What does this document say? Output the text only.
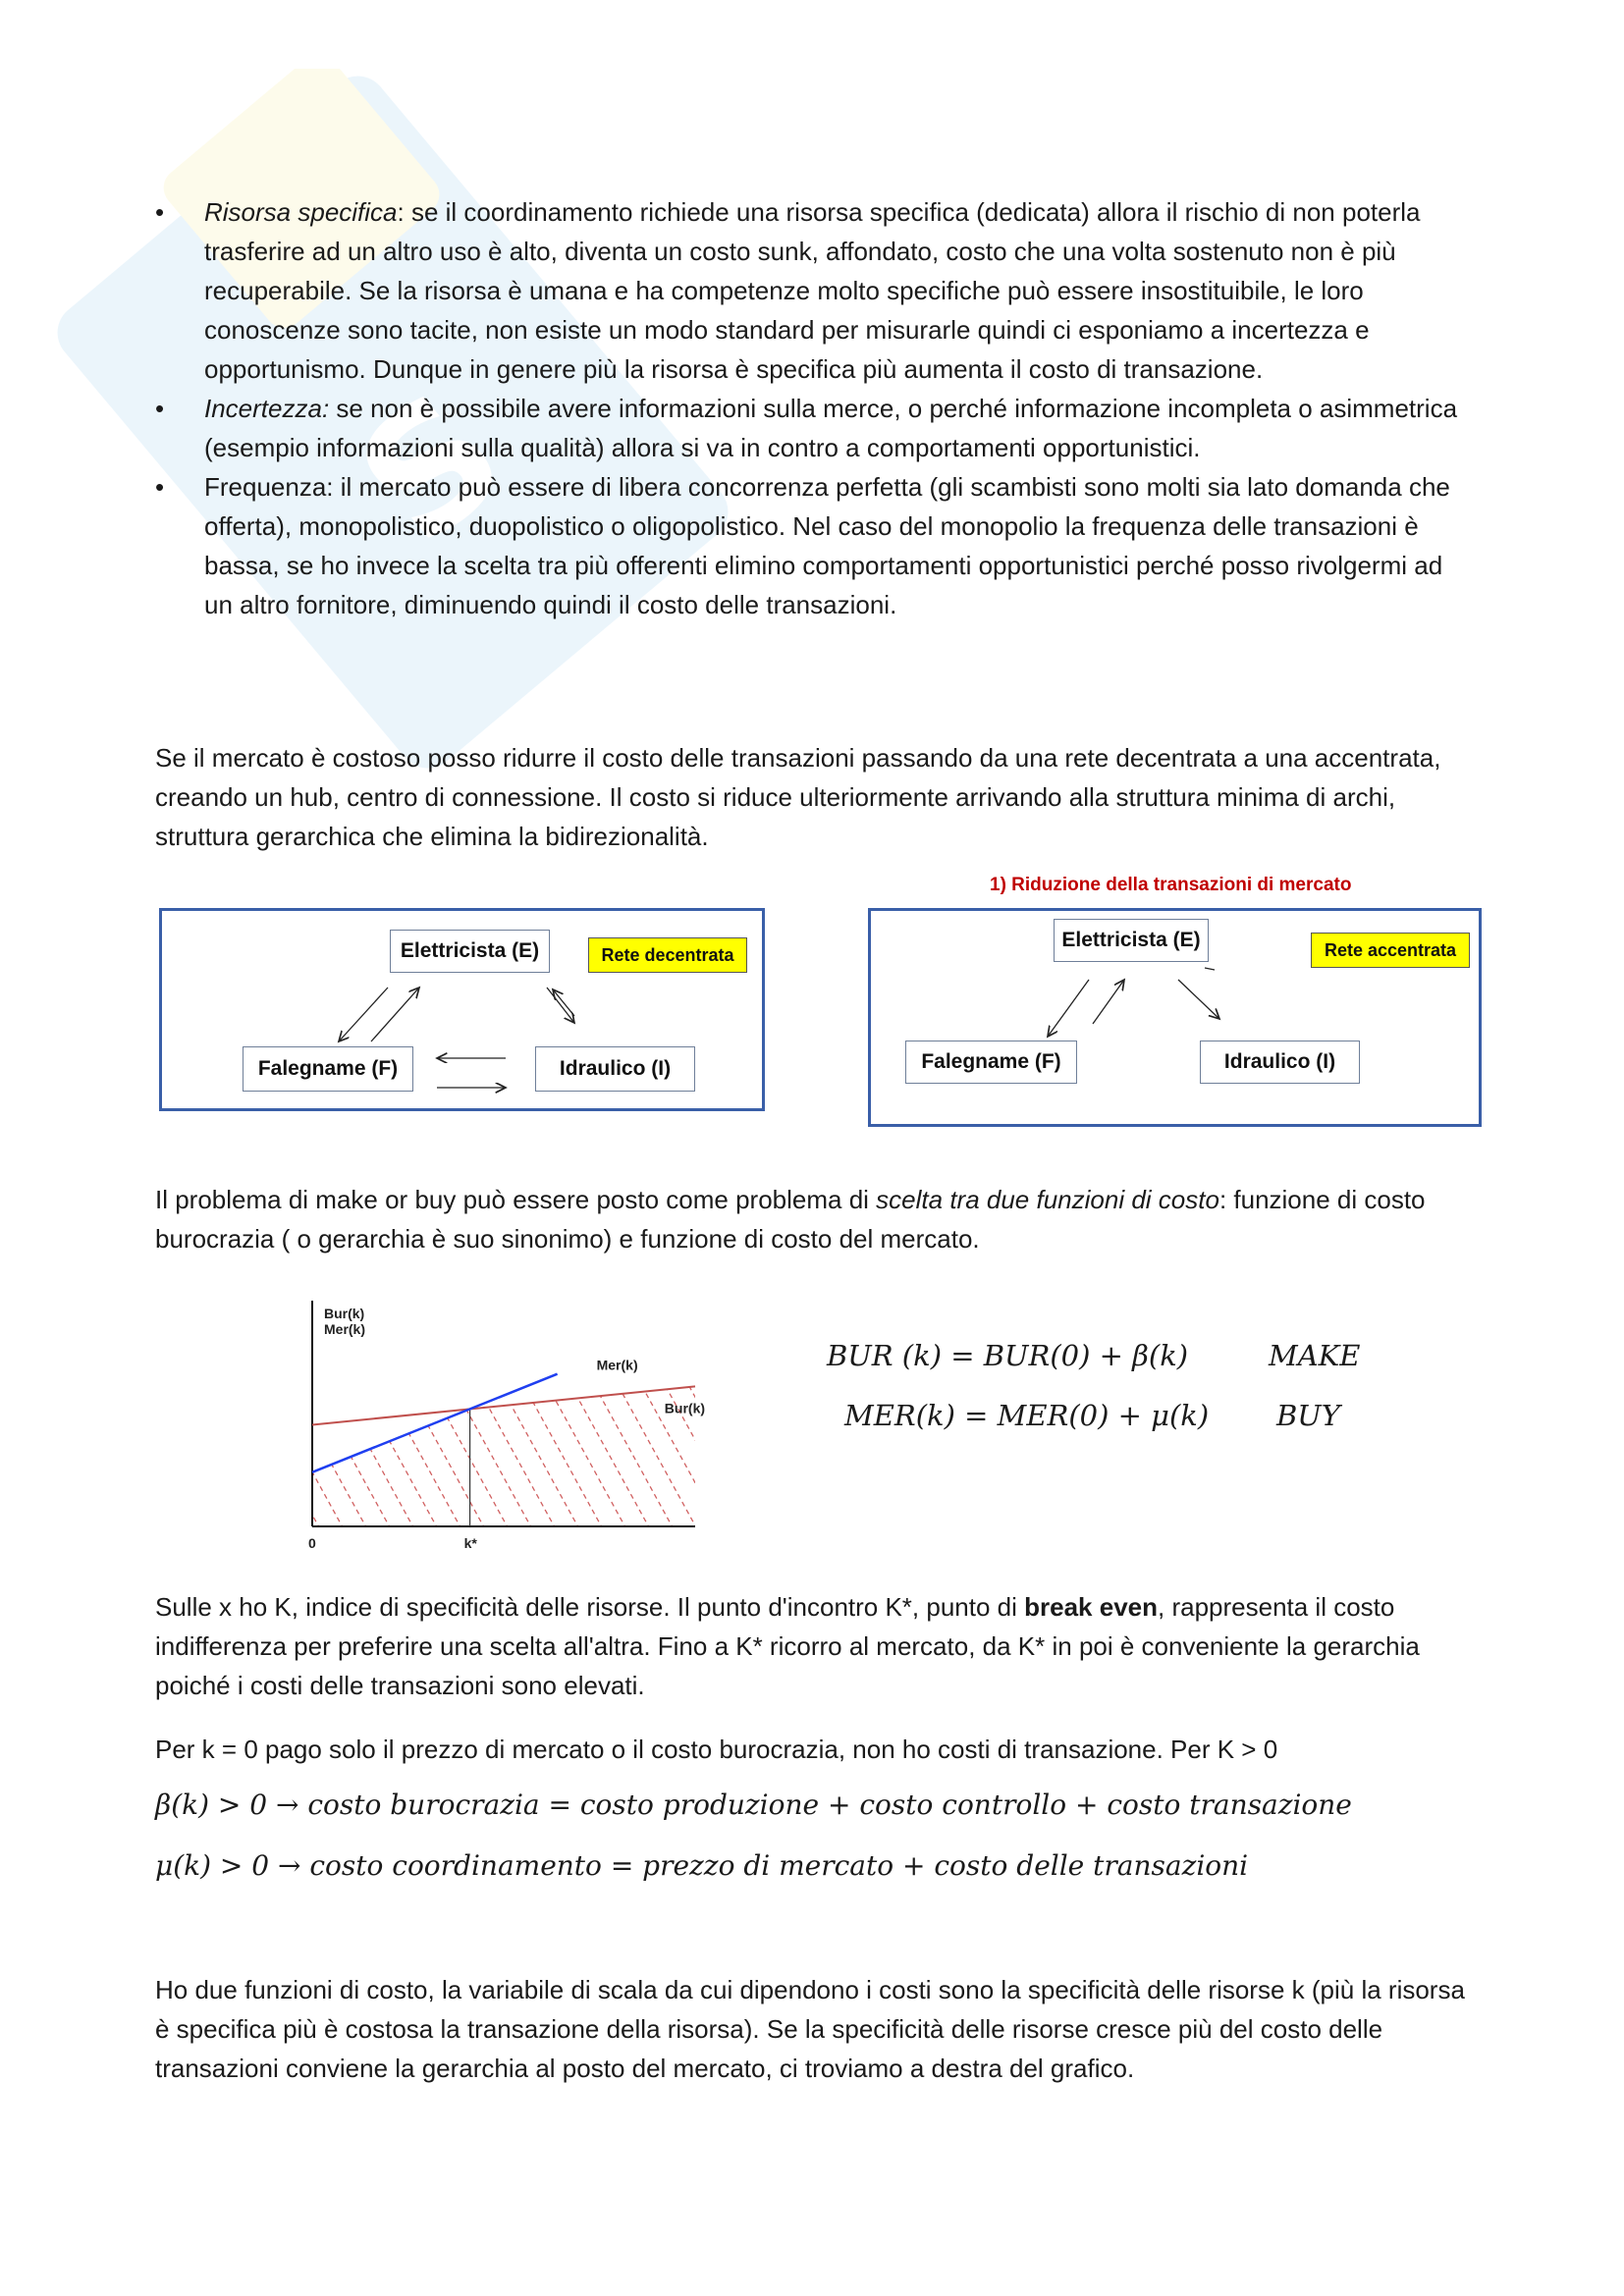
S
• Risorsa specifica: se il coordinamento richiede una risorsa specifica (dedicata) allora il rischio di non poterla trasferire ad un altro uso è alto, diventa un costo sunk, affondato, costo che una volta sostenuto non è più recuperabile. Se la risorsa è umana e ha competenze molto specifiche può essere insostituibile, le loro conoscenze sono tacite, non esiste un modo standard per misurarle quindi ci esponiamo a incertezza e opportunismo. Dunque in genere più la risorsa è specifica più aumenta il costo di transazione.
• Incertezza: se non è possibile avere informazioni sulla merce, o perché informazione incompleta o asimmetrica (esempio informazioni sulla qualità) allora si va in contro a comportamenti opportunistici.
• Frequenza: il mercato può essere di libera concorrenza perfetta (gli scambisti sono molti sia lato domanda che offerta), monopolistico, duopolistico o oligopolistico. Nel caso del monopolio la frequenza delle transazioni è bassa, se ho invece la scelta tra più offerenti elimino comportamenti opportunistici perché posso rivolgermi ad un altro fornitore, diminuendo quindi il costo delle transazioni.

Se il mercato è costoso posso ridurre il costo delle transazioni passando da una rete decentrata a una accentrata, creando un hub, centro di connessione. Il costo si riduce ulteriormente arrivando alla struttura minima di archi, struttura gerarchica che elimina la bidirezionalità.

Elettricista (E)	Rete decentrata
Falegname (F)	Idraulico (I)
1) Riduzione della transazioni di mercato
Elettricista (E)	Rete accentrata
Falegname (F)	Idraulico (I)

Il problema di make or buy può essere posto come problema di scelta tra due funzioni di costo: funzione di costo burocrazia ( o gerarchia è suo sinonimo) e funzione di costo del mercato.

Bur(k)
Mer(k)
Mer(k)
Bur(k)
0	k*
BUR (k) = BUR(0) + β(k)	MAKE
MER(k) = MER(0) + μ(k) BUY

Sulle x ho K, indice di specificità delle risorse. Il punto d'incontro K*, punto di break even, rappresenta il costo indifferenza per preferire una scelta all'altra. Fino a K* ricorro al mercato, da K* in poi è conveniente la gerarchia poiché i costi delle transazioni sono elevati.

Per k = 0 pago solo il prezzo di mercato o il costo burocrazia, non ho costi di transazione. Per K > 0

β(k) > 0 → costo burocrazia = costo produzione + costo controllo + costo transazione
μ(k) > 0 → costo coordinamento = prezzo di mercato + costo delle transazioni

Ho due funzioni di costo, la variabile di scala da cui dipendono i costi sono la specificità delle risorse k (più la risorsa è specifica più è costosa la transazione della risorsa). Se la specificità delle risorse cresce più del costo delle transazioni conviene la gerarchia al posto del mercato, ci troviamo a destra del grafico.
